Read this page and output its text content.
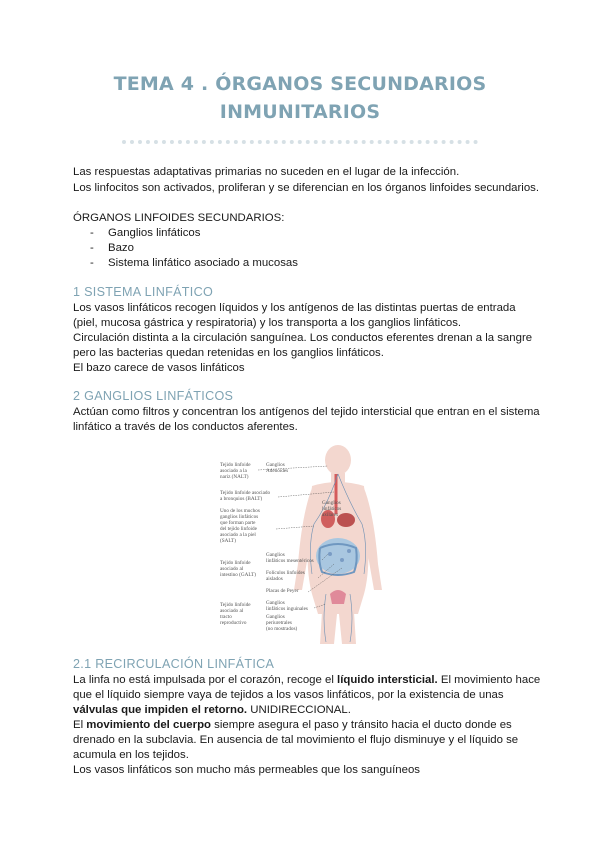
TEMA 4 . ÓRGANOS SECUNDARIOS
INMUNITARIOS
Las respuestas adaptativas primarias no suceden en el lugar de la infección.
Los linfocitos son activados, proliferan y se diferencian en los órganos linfoides secundarios.
ÓRGANOS LINFOIDES SECUNDARIOS:
- Ganglios linfáticos
- Bazo
- Sistema linfático asociado a mucosas
1 SISTEMA LINFÁTICO
Los vasos linfáticos recogen líquidos y los antígenos de las distintas puertas de entrada
(piel, mucosa gástrica y respiratoria) y los transporta a los ganglios linfáticos.
Circulación distinta a la circulación sanguínea. Los conductos eferentes drenan a la sangre
pero las bacterias quedan retenidas en los ganglios linfáticos.
El bazo carece de vasos linfáticos
2 GANGLIOS LINFÁTICOS
Actúan como filtros y concentran los antígenos del tejido intersticial que entran en el sistema
linfático a través de los conductos aferentes.
Tejido linfoide
asociado a la
nariz (NALT)
Tejido linfoide asociado
a bronquios (BALT)
Uno de los muchos
ganglios linfáticos
que forman parte
del tejido linfoide
asociado a la piel
(SALT)
Tejido linfoide
asociado al
intestino (GALT)
Tejido linfoide
asociado al
tracto
reproductivo
Ganglios
Adenoides
Ganglios
linfáticos
axilares
Ganglios
linfáticos mesentéricos
Folículos linfoides
aislados
Placas de Peyer
Ganglios
linfáticos inguinales
Ganglios
periuretrales
(no mostrados)
2.1 RECIRCULACIÓN LINFÁTICA
La linfa no está impulsada por el corazón, recoge el líquido intersticial. El movimiento hace
que el líquido siempre vaya de tejidos a los vasos linfáticos, por la existencia de unas
válvulas que impiden el retorno. UNIDIRECCIONAL.
El movimiento del cuerpo siempre asegura el paso y tránsito hacia el ducto donde es
drenado en la subclavia. En ausencia de tal movimiento el flujo disminuye y el líquido se
acumula en los tejidos.
Los vasos linfáticos son mucho más permeables que los sanguíneos
